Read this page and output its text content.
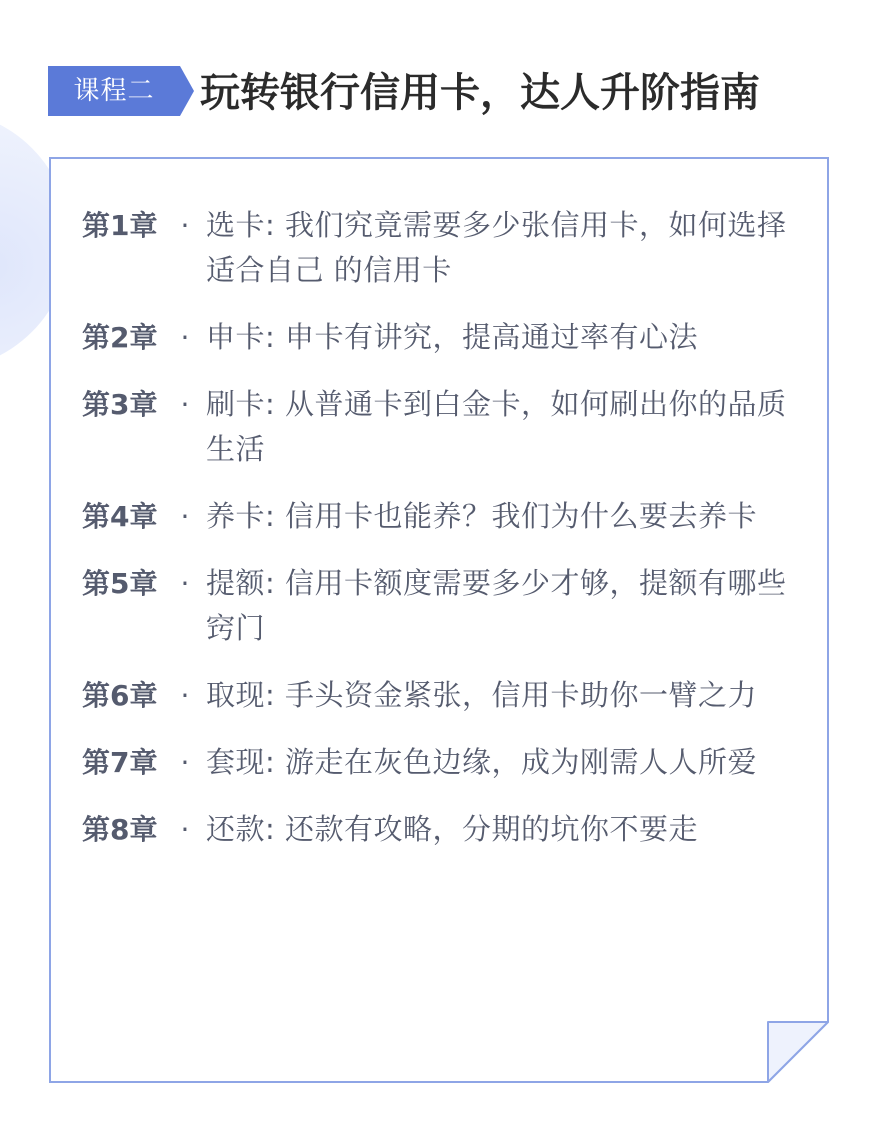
课程二	玩转银行信用卡，达人升阶指南
第1章 · 选卡: 我们究竟需要多少张信用卡，如何选择适合自己 的信用卡
第2章 · 申卡: 申卡有讲究，提高通过率有心法
第3章 · 刷卡: 从普通卡到白金卡，如何刷出你的品质生活
第4章 · 养卡: 信用卡也能养？我们为什么要去养卡
第5章 · 提额: 信用卡额度需要多少才够，提额有哪些窍门
第6章 · 取现: 手头资金紧张，信用卡助你一臂之力
第7章 · 套现: 游走在灰色边缘，成为刚需人人所爱
第8章 · 还款: 还款有攻略，分期的坑你不要走
